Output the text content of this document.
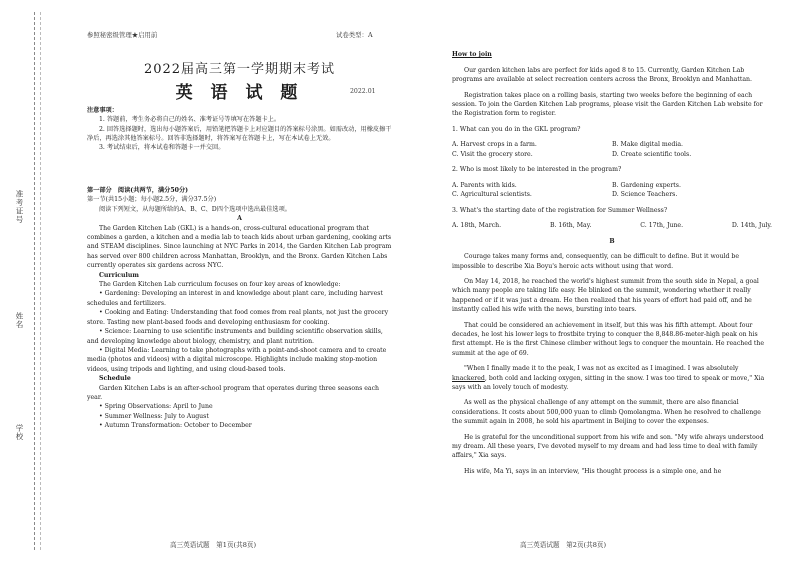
准考证号
姓名
学校
参照秘密级管理★启用前	试卷类型：A
2022届高三第一学期期末考试
英 语 试 题	2022.01

注意事项：

1. 答题前，考生务必将自己的姓名、准考证号等填写在答题卡上。

2. 回答选择题时，选出每小题答案后，用铅笔把答题卡上对应题目的答案标号涂黑。如需改动，用橡皮擦干净后，再选涂其他答案标号。回答非选择题时，将答案写在答题卡上，写在本试卷上无效。

3. 考试结束后，将本试卷和答题卡一并交回。

第一部分　阅读(共两节，满分50分)

第一节(共15小题；每小题2.5分，满分37.5分)

阅读下列短文，从每题所给的A、B、C、D四个选项中选出最佳选项。

A

The Garden Kitchen Lab (GKL) is a hands-on, cross-cultural educational program that combines a garden, a kitchen and a media lab to teach kids about urban gardening, cooking arts and STEAM disciplines. Since launching at NYC Parks in 2014, the Garden Kitchen Lab program has served over 800 children across Manhattan, Brooklyn, and the Bronx. Garden Kitchen Labs currently operates six gardens across NYC.

Curriculum

The Garden Kitchen Lab curriculum focuses on four key areas of knowledge:

• Gardening: Developing an interest in and knowledge about plant care, including harvest schedules and fertilizers.

• Cooking and Eating: Understanding that food comes from real plants, not just the grocery store. Tasting new plant-based foods and developing enthusiasm for cooking.

• Science: Learning to use scientific instruments and building scientific observation skills, and developing knowledge about biology, chemistry, and plant nutrition.

• Digital Media: Learning to take photographs with a point-and-shoot camera and to create media (photos and videos) with a digital microscope. Highlights include making stop-motion videos, using tripods and lighting, and using cloud-based tools.

Schedule

Garden Kitchen Labs is an after-school program that operates during three seasons each year.

• Spring Observations: April to June

• Summer Wellness: July to August

• Autumn Transformation: October to December

How to join

Our garden kitchen labs are perfect for kids aged 8 to 15. Currently, Garden Kitchen Lab programs are available at select recreation centers across the Bronx, Brooklyn and Manhattan.

Registration takes place on a rolling basis, starting two weeks before the beginning of each session. To join the Garden Kitchen Lab programs, please visit the Garden Kitchen Lab website for the Registration form to register.

1. What can you do in the GKL program?

A. Harvest crops in a farm.	B. Make digital media.
C. Visit the grocery store.	D. Create scientific tools.

2. Who is most likely to be interested in the program?

A. Parents with kids.	B. Gardening experts.
C. Agricultural scientists.	D. Science Teachers.

3. What's the starting date of the registration for Summer Wellness?

A. 18th, March.	B. 16th, May.	C. 17th, June.	D. 14th, July.

B

Courage takes many forms and, consequently, can be difficult to define. But it would be impossible to describe Xia Boyu's heroic acts without using that word.

On May 14, 2018, he reached the world's highest summit from the south side in Nepal, a goal which many people are taking life easy. He blinked on the summit, wondering whether it really happened or if it was just a dream. He then realized that his years of effort had paid off, and he instantly called his wife with the news, bursting into tears.

That could be considered an achievement in itself, but this was his fifth attempt. About four decades, he lost his lower legs to frostbite trying to conquer the 8,848.86-meter-high peak on his first attempt. He is the first Chinese climber without legs to conquer the mountain. He reached the summit at the age of 69.

"When I finally made it to the peak, I was not as excited as I imagined. I was absolutely knackered, both cold and lacking oxygen, sitting in the snow. I was too tired to speak or move," Xia says with an lovely touch of modesty.

As well as the physical challenge of any attempt on the summit, there are also financial considerations. It costs about 500,000 yuan to climb Qomolangma. When he resolved to challenge the summit again in 2008, he sold his apartment in Beijing to cover the expenses.

He is grateful for the unconditional support from his wife and son. "My wife always understood my dream. All these years, I've devoted myself to my dream and had less time to deal with family affairs," Xia says.

His wife, Ma Yi, says in an interview, "His thought process is a simple one, and he

高三英语试题　第1页(共8页)	高三英语试题　第2页(共8页)
